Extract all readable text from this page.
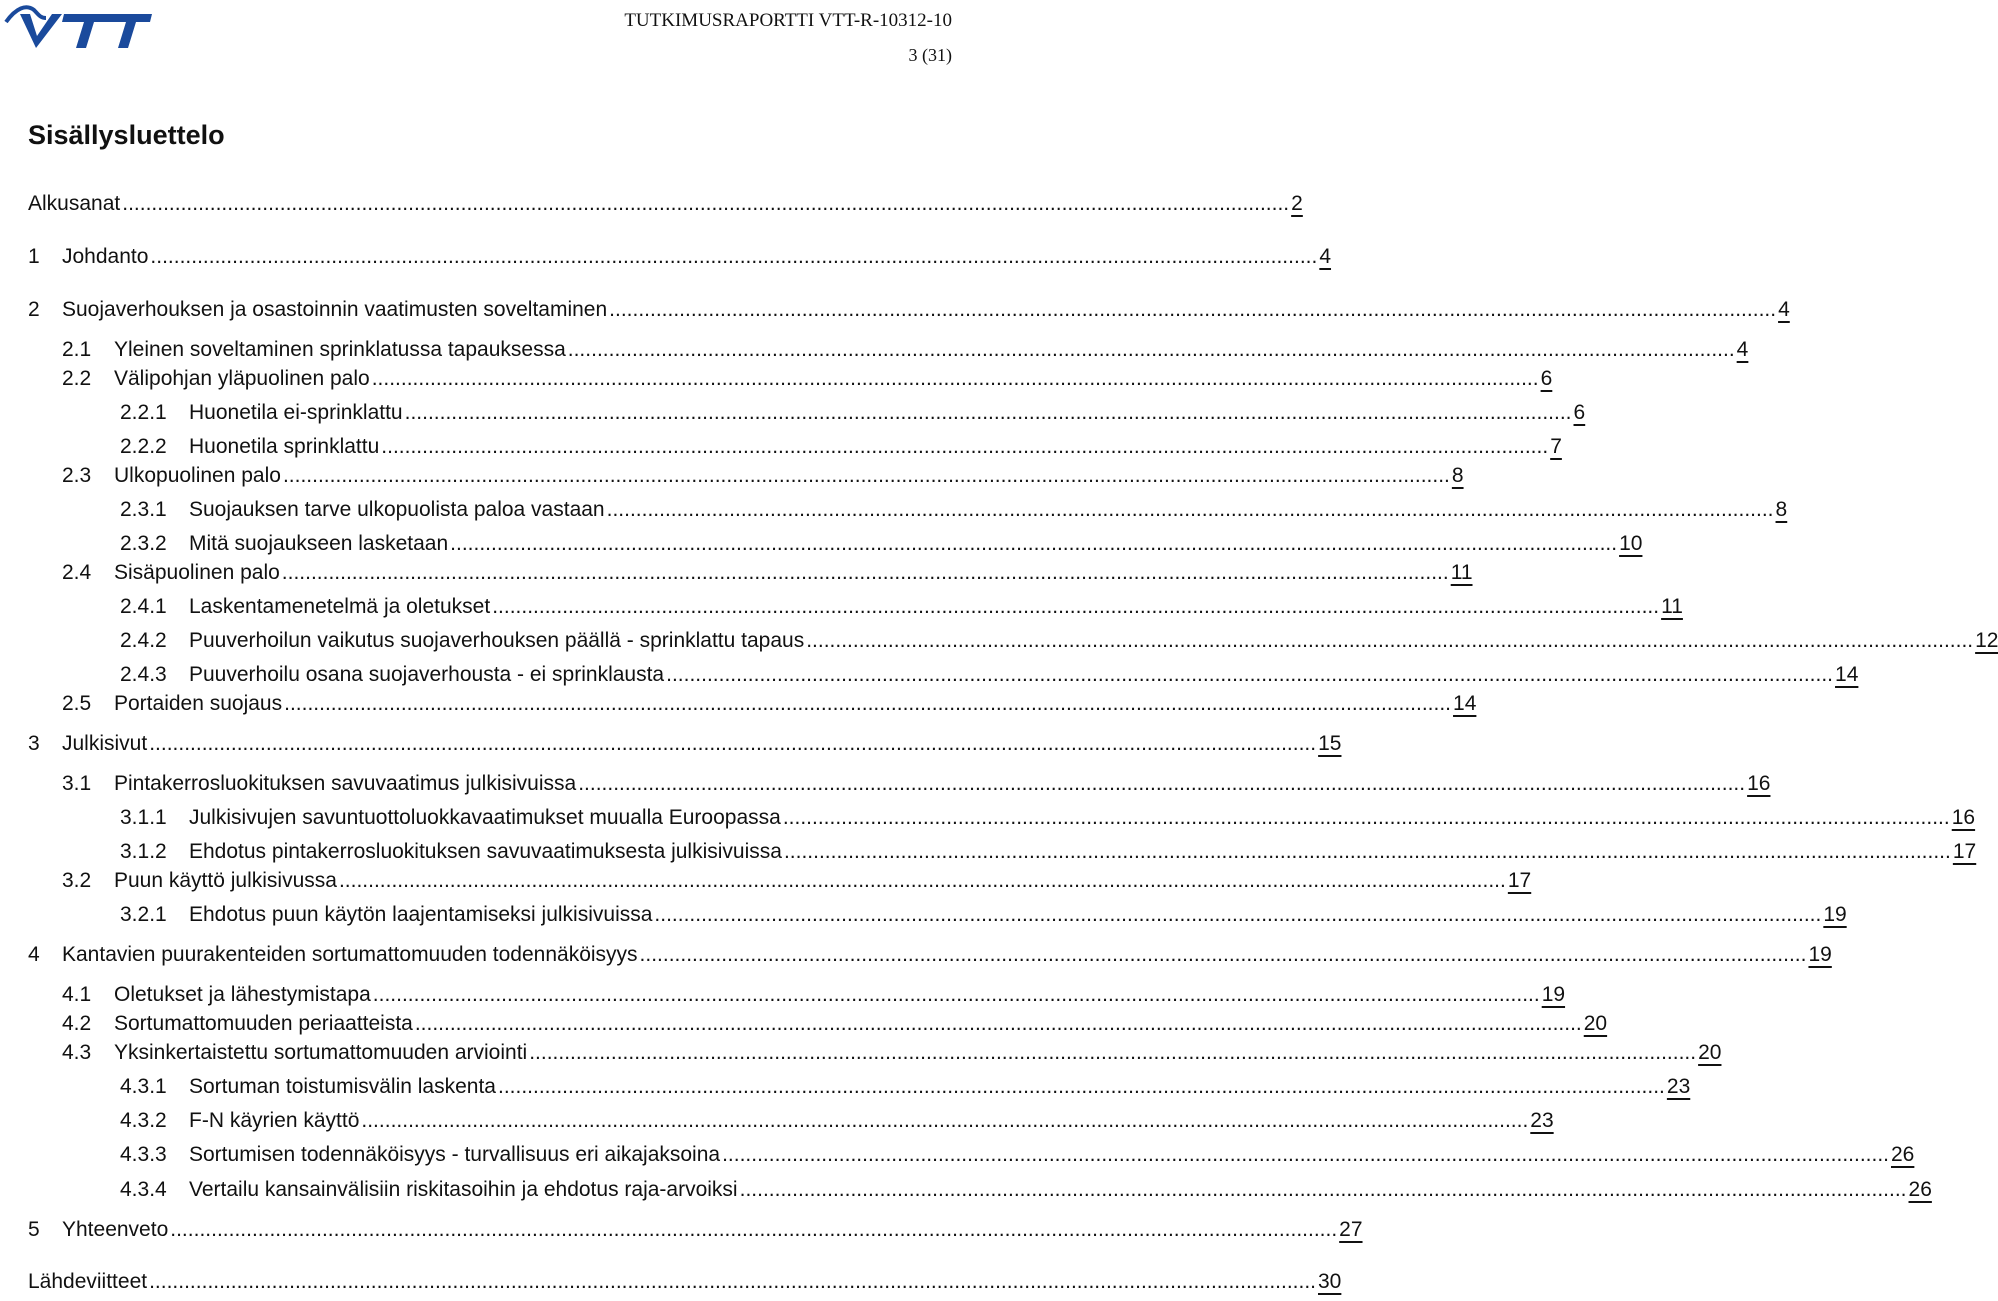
TUTKIMUSRAPORTTI VTT-R-10312-10
3 (31)
Sisällysluettelo
Alkusanat ........................................................................................................................................................................................................ 2
1 Johdanto ........................................................................................................................................................................................................ 4
2 Suojaverhouksen ja osastoinnin vaatimusten soveltaminen ........................................................................................................................................................................................................ 4
2.1 Yleinen soveltaminen sprinklatussa tapauksessa ........................................................................................................................................................................................................ 4
2.2 Välipohjan yläpuolinen palo ........................................................................................................................................................................................................ 6
2.2.1 Huonetila ei-sprinklattu ........................................................................................................................................................................................................ 6
2.2.2 Huonetila sprinklattu ........................................................................................................................................................................................................ 7
2.3 Ulkopuolinen palo ........................................................................................................................................................................................................ 8
2.3.1 Suojauksen tarve ulkopuolista paloa vastaan ........................................................................................................................................................................................................ 8
2.3.2 Mitä suojaukseen lasketaan ........................................................................................................................................................................................................ 10
2.4 Sisäpuolinen palo ........................................................................................................................................................................................................ 11
2.4.1 Laskentamenetelmä ja oletukset ........................................................................................................................................................................................................ 11
2.4.2 Puuverhoilun vaikutus suojaverhouksen päällä - sprinklattu tapaus ........................................................................................................................................................................................................ 12
2.4.3 Puuverhoilu osana suojaverhousta - ei sprinklausta ........................................................................................................................................................................................................ 14
2.5 Portaiden suojaus ........................................................................................................................................................................................................ 14
3 Julkisivut ........................................................................................................................................................................................................ 15
3.1 Pintakerrosluokituksen savuvaatimus julkisivuissa ........................................................................................................................................................................................................ 16
3.1.1 Julkisivujen savuntuottoluokkavaatimukset muualla Euroopassa ........................................................................................................................................................................................................ 16
3.1.2 Ehdotus pintakerrosluokituksen savuvaatimuksesta julkisivuissa ........................................................................................................................................................................................................ 17
3.2 Puun käyttö julkisivussa ........................................................................................................................................................................................................ 17
3.2.1 Ehdotus puun käytön laajentamiseksi julkisivuissa ........................................................................................................................................................................................................ 19
4 Kantavien puurakenteiden sortumattomuuden todennäköisyys ........................................................................................................................................................................................................ 19
4.1 Oletukset ja lähestymistapa ........................................................................................................................................................................................................ 19
4.2 Sortumattomuuden periaatteista ........................................................................................................................................................................................................ 20
4.3 Yksinkertaistettu sortumattomuuden arviointi ........................................................................................................................................................................................................ 20
4.3.1 Sortuman toistumisvälin laskenta ........................................................................................................................................................................................................ 23
4.3.2 F-N käyrien käyttö ........................................................................................................................................................................................................ 23
4.3.3 Sortumisen todennäköisyys - turvallisuus eri aikajaksoina ........................................................................................................................................................................................................ 26
4.3.4 Vertailu kansainvälisiin riskitasoihin ja ehdotus raja-arvoiksi ........................................................................................................................................................................................................ 26
5 Yhteenveto ........................................................................................................................................................................................................ 27
Lähdeviitteet ........................................................................................................................................................................................................ 30
